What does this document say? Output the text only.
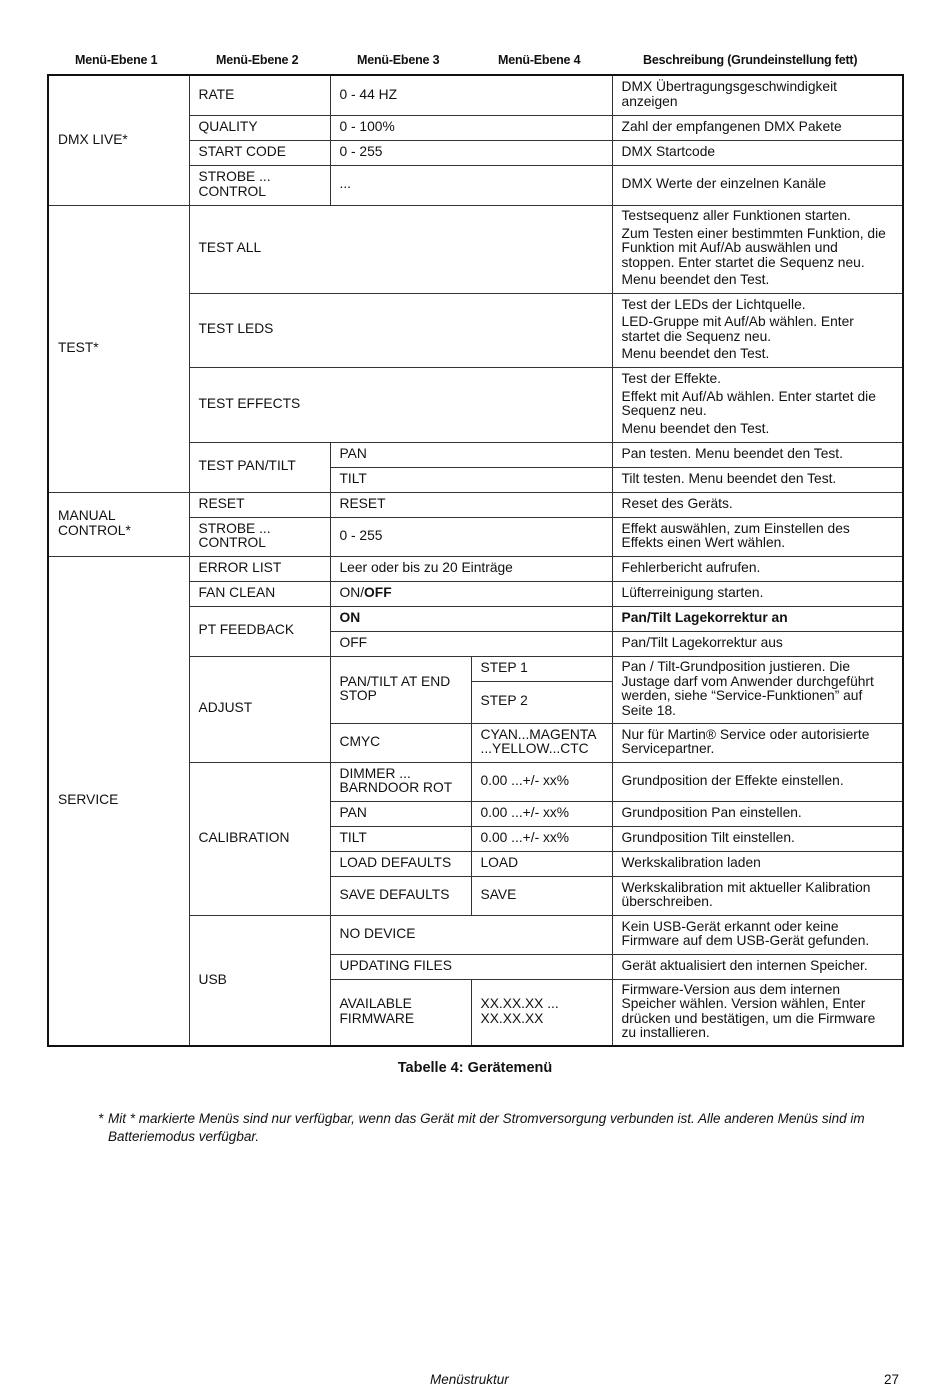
Menü-Ebene 1	Menü-Ebene 2	Menü-Ebene 3	Menü-Ebene 4	Beschreibung (Grundeinstellung fett)
DMX LIVE*	RATE	0 - 44 HZ		DMX Übertragungsgeschwindigkeit anzeigen
	QUALITY	0 - 100%		Zahl der empfangenen DMX Pakete
	START CODE	0 - 255		DMX Startcode
	STROBE ... CONTROL	...		DMX Werte der einzelnen Kanäle
TEST*	TEST ALL			Testsequenz aller Funktionen starten.

Zum Testen einer bestimmten Funktion, die Funktion mit Auf/Ab auswählen und stoppen. Enter startet die Sequenz neu.

Menu beendet den Test.

	TEST LEDS			Test der LEDs der Lichtquelle.

LED-Gruppe mit Auf/Ab wählen. Enter startet die Sequenz neu.

Menu beendet den Test.

	TEST EFFECTS			Test der Effekte.

Effekt mit Auf/Ab wählen. Enter startet die Sequenz neu.

Menu beendet den Test.

	TEST PAN/TILT	PAN		Pan testen. Menu beendet den Test.
		TILT		Tilt testen. Menu beendet den Test.
MANUAL CONTROL*	RESET	RESET		Reset des Geräts.
	STROBE ... CONTROL	0 - 255		Effekt auswählen, zum Einstellen des Effekts einen Wert wählen.
SERVICE	ERROR LIST	Leer oder bis zu 20 Einträge		Fehlerbericht aufrufen.
	FAN CLEAN	ON/OFF		Lüfterreinigung starten.
	PT FEEDBACK	ON		Pan/Tilt Lagekorrektur an
		OFF		Pan/Tilt Lagekorrektur aus
	ADJUST	PAN/TILT AT END STOP	STEP 1	Pan / Tilt-Grundposition justieren. Die Justage darf vom Anwender durchgeführt werden, siehe “Service-Funktionen” auf Seite 18.
			STEP 2	
		CMYC	CYAN...MAGENTA ...YELLOW...CTC	Nur für Martin® Service oder autorisierte Servicepartner.
	CALIBRATION	DIMMER ... BARNDOOR ROT	0.00 ...+/- xx%	Grundposition der Effekte einstellen.
		PAN	0.00 ...+/- xx%	Grundposition Pan einstellen.
		TILT	0.00 ...+/- xx%	Grundposition Tilt einstellen.
		LOAD DEFAULTS	LOAD	Werkskalibration laden
		SAVE DEFAULTS	SAVE	Werkskalibration mit aktueller Kalibration überschreiben.
	USB	NO DEVICE		Kein USB-Gerät erkannt oder keine Firmware auf dem USB-Gerät gefunden.
		UPDATING FILES		Gerät aktualisiert den internen Speicher.
		AVAILABLE FIRMWARE	XX.XX.XX ... XX.XX.XX	Firmware-Version aus dem internen Speicher wählen. Version wählen, Enter drücken und bestätigen, um die Firmware zu installieren.
Tabelle 4: Gerätemenü
* Mit * markierte Menüs sind nur verfügbar, wenn das Gerät mit der Stromversorgung verbunden ist. Alle anderen Menüs sind im Batteriemodus verfügbar.
Menüstruktur	27
